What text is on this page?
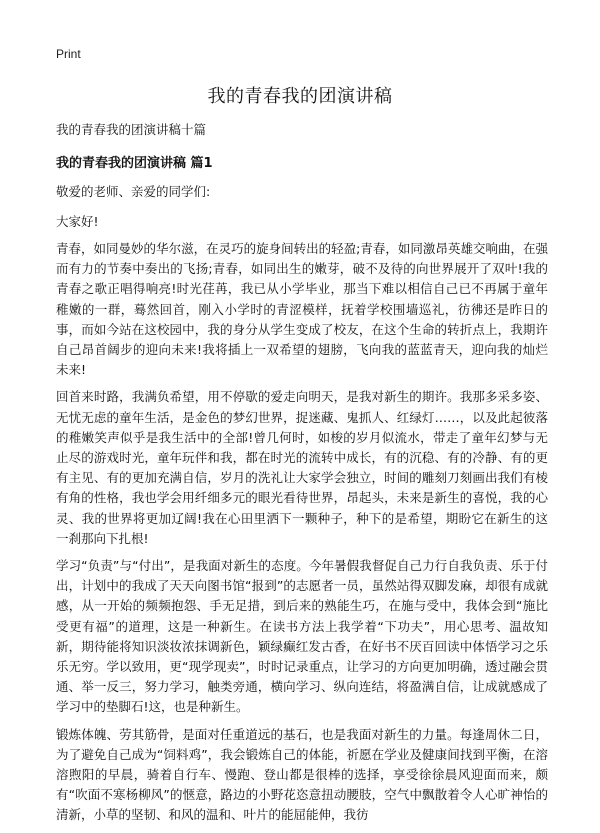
Print
我的青春我的团演讲稿
我的青春我的团演讲稿十篇
我的青春我的团演讲稿 篇1
敬爱的老师、亲爱的同学们:
大家好!

青春，如同曼妙的华尔滋，在灵巧的旋身间转出的轻盈;青春，如同激昂英雄交响曲，在强而有力的节奏中奏出的飞扬;青春，如同出生的嫩芽，破不及待的向世界展开了双叶!我的青春之歌正唱得响亮!时光荏苒，我已从小学毕业，那当下难以相信自己已不再属于童年稚嫩的一群，蓦然回首，刚入小学时的青涩模样，抚着学校围墙巡礼，彷彿还是昨日的事，而如今站在这校园中，我的身分从学生变成了校友，在这个生命的转折点上，我期许自己昂首阔步的迎向未来!我将插上一双希望的翅膀，飞向我的蓝蓝青天，迎向我的灿烂未来!

回首来时路，我满负希望，用不停歇的爱走向明天，是我对新生的期许。我那多采多姿、无忧无虑的童年生活，是金色的梦幻世界，捉迷藏、鬼抓人、红绿灯……，以及此起彼落的稚嫩笑声似乎是我生活中的全部!曾几何时，如梭的岁月似流水，带走了童年幻梦与无止尽的游戏时光，童年玩伴和我，都在时光的流转中成长，有的沉稳、有的冷静、有的更有主见、有的更加充满自信，岁月的洗礼让大家学会独立，时间的雕刻刀刻画出我们有棱有角的性格，我也学会用纤细多元的眼光看待世界，昂起头，未来是新生的喜悦，我的心灵、我的世界将更加辽阔!我在心田里洒下一颗种子，种下的是希望，期盼它在新生的这一刹那向下扎根!

学习“负责”与“付出”，是我面对新生的态度。今年暑假我督促自己力行自我负责、乐于付出，计划中的我成了天天向图书馆“报到”的志愿者一员，虽然站得双脚发麻，却很有成就感，从一开始的频频抱怨、手无足措，到后来的熟能生巧，在施与受中，我体会到“施比受更有福”的道理，这是一种新生。在读书方法上我学着“下功夫”，用心思考、温故知新，期待能将知识淡妆浓抹调新色，颖绿癫红发古香，在好书不厌百回读中体悟学习之乐乐无穷。学以致用，更“现学现卖”，时时记录重点，让学习的方向更加明确，透过融会贯通、举一反三，努力学习，触类旁通，横向学习、纵向连结，将盈满自信，让成就感成了学习中的垫脚石!这，也是种新生。

锻炼体魄、劳其筋骨，是面对任重道远的基石，也是我面对新生的力量。每逢周休二日，为了避免自己成为“饲料鸡”，我会锻炼自己的体能，祈愿在学业及健康间找到平衡，在溶溶煦阳的早晨，骑着自行车、慢跑、登山都是很棒的选择，享受徐徐晨风迎面而来，颇有“吹面不寒杨柳风”的惬意，路边的小野花恣意扭动腰肢，空气中飘散着令人心旷神怡的清新，小草的坚韧、和风的温和、叶片的能屈能伸，我彷
